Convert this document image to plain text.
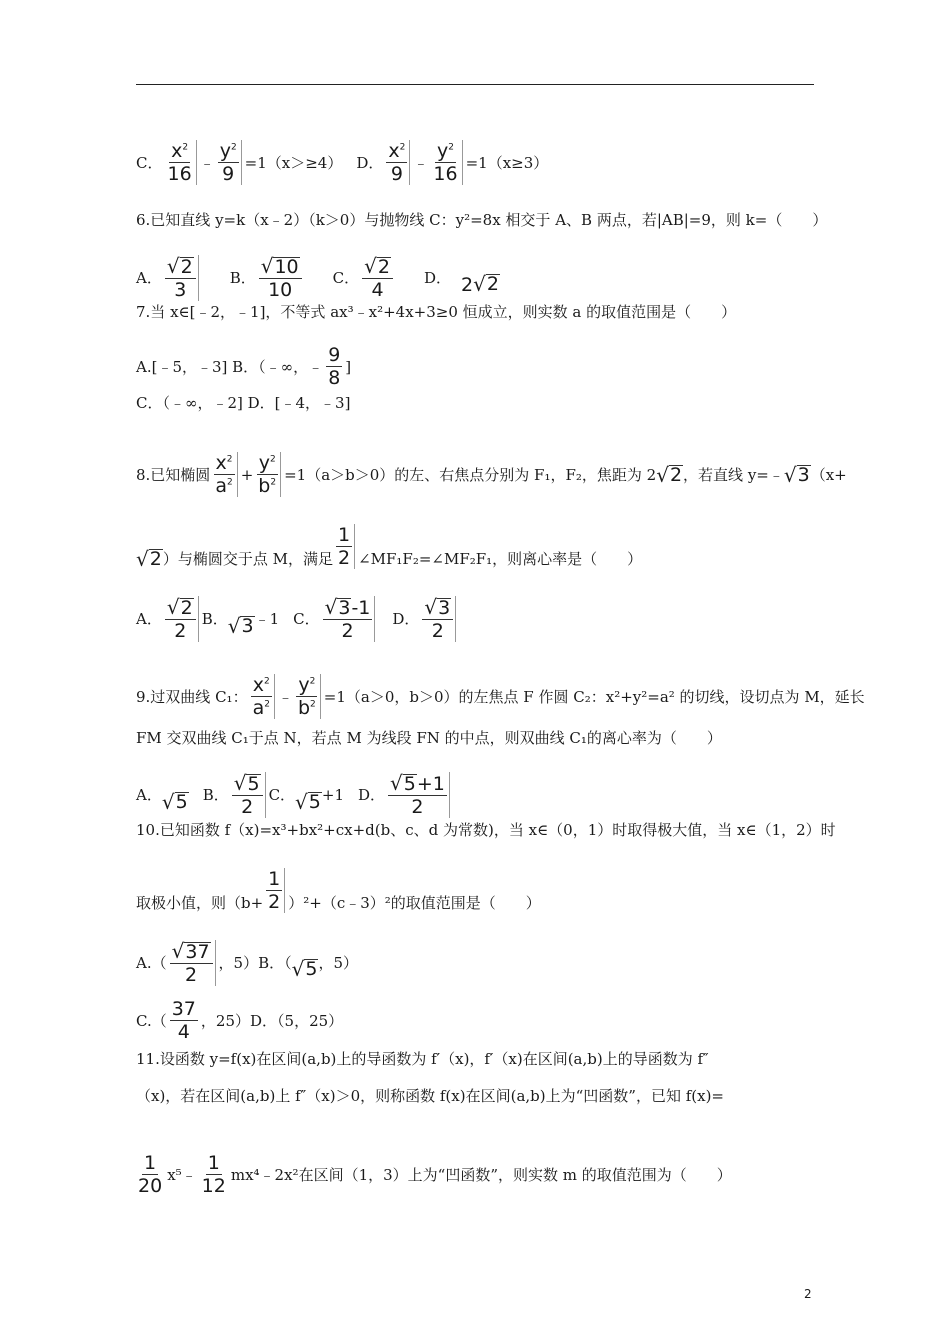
C． $\frac{x^2}{16}$ ﹣ $\frac{y^2}{9} =1(x>\ge 4)$ D． $\frac{x^2}{9}$ ﹣ $\frac{y^2}{16} =1(x\ge 3)$
6.已知直线 y=k（x﹣2）（k＞0）与抛物线 C：y²=8x 相交于 A、B 两点，若|AB|=9，则 k=（　　）
A． $\frac{√ 2}{3}$ B． $\frac{√ 10}{10}$ C． $\frac{√ 2}{4}$ D． 2 √ 2
7.当 x∈[﹣2，﹣1]，不等式 ax³﹣x²+4x+3≥0 恒成立，则实数 a 的取值范围是（　　）
A.[﹣5，﹣3] B．（﹣∞，﹣ $\frac{9}{8}$ ]
C．（﹣∞，﹣2] D．[﹣4，﹣3]
8.已知椭圆 $\frac{x^2}{a^2} + \frac{y^2}{b^2} =1(a>b>0)$的左、右焦点分别为 F₁，F₂，焦距为 2 √ 2 ，若直线 y=﹣ √ 3 （x+
√ 2 ）与椭圆交于点 M，满足 $\frac{1}{2}$ ∠MF₁F₂=∠MF₂F₁，则离心率是（　　）
A． $\frac{√ 2}{2}$ B． √ 3 ﹣1 C． $\frac{√ 3 -1}{2}$ D． $\frac{√ 3}{2}$
9.过双曲线 C₁： $\frac{x^2}{a^2}$ ﹣ $\frac{y^2}{b^2} =1(a>0$，b＞0）的左焦点 F 作圆 C₂：x²+y²=a² 的切线，设切点为 M，延长
FM 交双曲线 C₁于点 N，若点 M 为线段 FN 的中点，则双曲线 C₁的离心率为（　　）
A． √ 5 B． $\frac{√ 5}{2}$ C． √ 5 +1 D． $\frac{√ 5 +1}{2}$
10.已知函数 f（x)=x³+bx²+cx+d(b、c、d 为常数)，当 x∈（0，1）时取得极大值，当 x∈（1，2）时
取极小值，则（$b+ \frac{1}{2}$ ）²+（c﹣3）²的取值范围是（　　）
$A.( \frac{√ 37}{2}$ ，5）B．（ √ 5 ，5）
$C.( \frac{37}{4}$ ，25）D．（5，25）
11.设函数 y=f(x)在区间(a,b)上的导函数为 f′（x)，f′（x)在区间(a,b)上的导函数为 f″
（x)，若在区间(a,b)上 f″（x)＞0，则称函数 f(x)在区间(a,b)上为“凹函数”，已知 f(x)=
$\frac{1}{20}$ x⁵﹣ $\frac{1}{12}$ mx⁴﹣2x²在区间（1，3）上为“凹函数”，则实数 m 的取值范围为（　　）
2
